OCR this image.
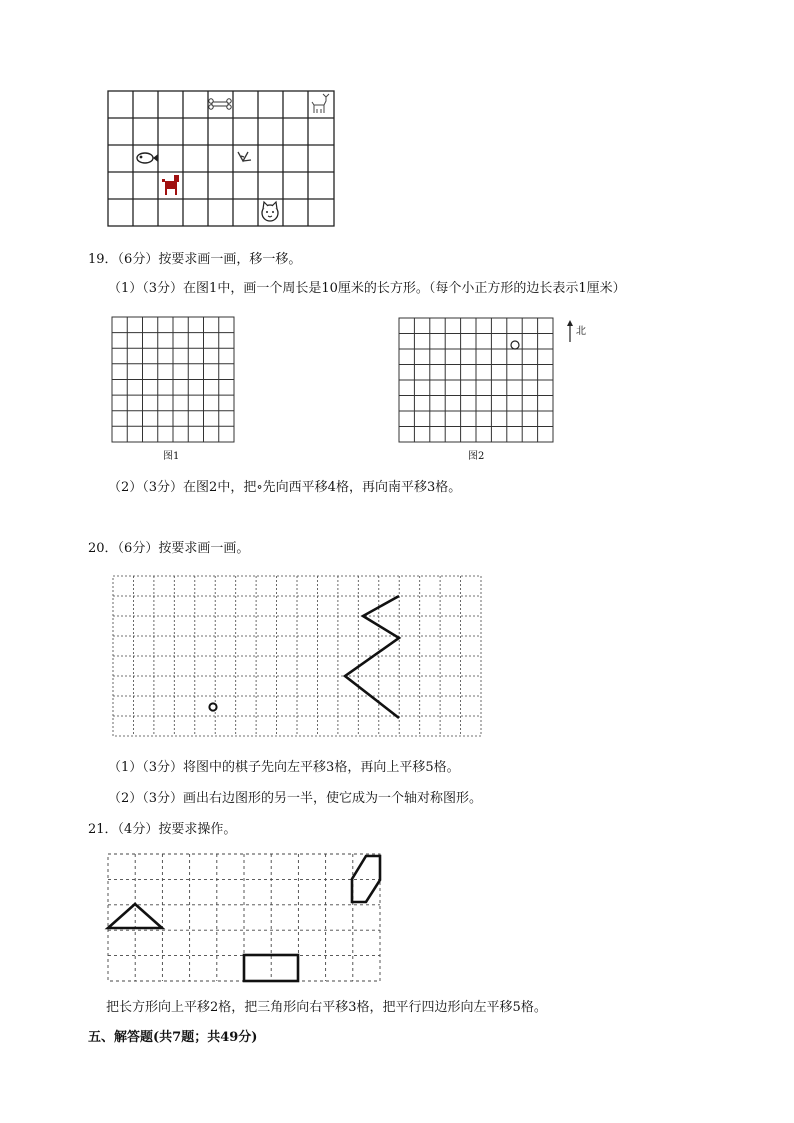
19．（6分）按要求画一画，移一移。
（1）（3分）在图1中，画一个周长是10厘米的长方形。（每个小正方形的边长表示1厘米）
图1
北
图2
（2）（3分）在图2中，把∘先向西平移4格，再向南平移3格。
20．（6分）按要求画一画。
（1）（3分）将图中的棋子先向左平移3格，再向上平移5格。
（2）（3分）画出右边图形的另一半，使它成为一个轴对称图形。
21．（4分）按要求操作。
把长方形向上平移2格，把三角形向右平移3格，把平行四边形向左平移5格。
五、解答题(共7题；共49分)
